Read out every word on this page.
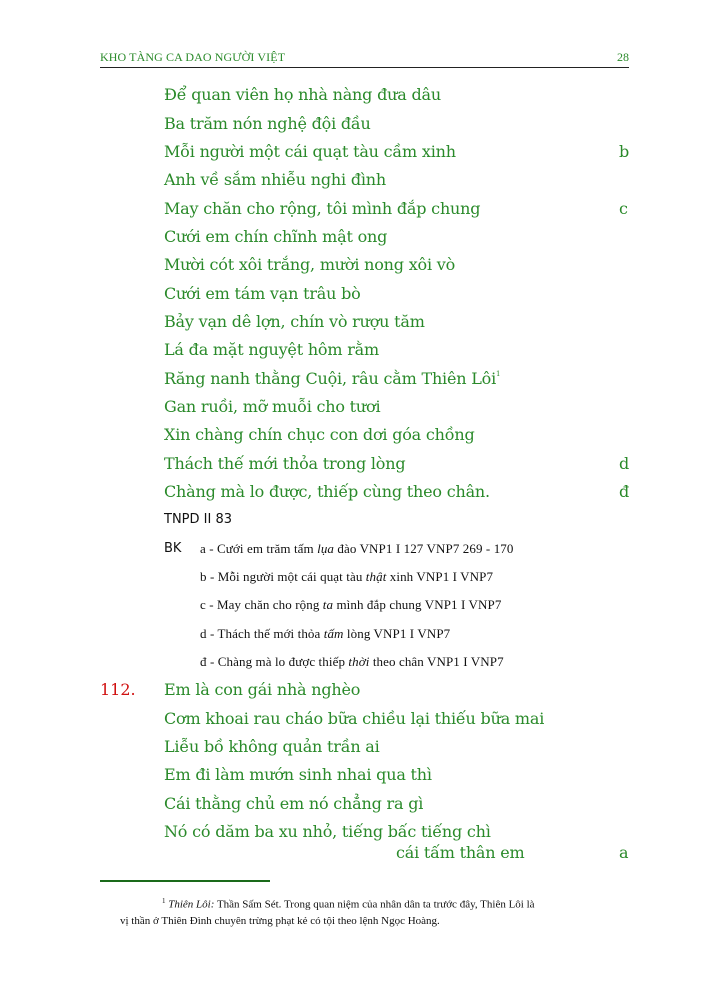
KHO TÀNG CA DAO NGƯỜI VIỆT	28
Để quan viên họ nhà nàng đưa dâu
Ba trăm nón nghệ đội đầu
Mỗi người một cái quạt tàu cầm xinh
Anh về sắm nhiễu nghi đình
May chăn cho rộng, tôi mình đắp chung
Cưới em chín chĩnh mật ong
Mười cót xôi trắng, mười nong xôi vò
Cưới em tám vạn trâu bò
Bảy vạn dê lợn, chín vò rượu tăm
Lá đa mặt nguyệt hôm rằm
Răng nanh thằng Cuội, râu cằm Thiên Lôi$^1$
Gan ruồi, mỡ muỗi cho tươi
Xin chàng chín chục con dơi góa chồng
Thách thế mới thỏa trong lòng
Chàng mà lo được, thiếp cùng theo chân.
b
c
d
đ
TNPD II 83
BK a - Cưới em trăm tấm lụa đào VNP1 I 127 VNP7 269 - 170
b - Mỗi người một cái quạt tàu thật xinh VNP1 I VNP7
c - May chăn cho rộng ta mình đắp chung VNP1 I VNP7
d - Thách thế mới thỏa tấm lòng VNP1 I VNP7
đ - Chàng mà lo được thiếp thời theo chân VNP1 I VNP7
112. Em là con gái nhà nghèo
Cơm khoai rau cháo bữa chiều lại thiếu bữa mai
Liễu bồ không quản trần ai
Em đi làm mướn sinh nhai qua thì
Cái thằng chủ em nó chẳng ra gì
Nó có dăm ba xu nhỏ, tiếng bấc tiếng chì
cái tấm thân em	a
$^1$ Thiên Lôi: Thần Sấm Sét. Trong quan niệm của nhân dân ta trước đây, Thiên Lôi là
vị thần ở Thiên Đình chuyên trừng phạt kẻ có tội theo lệnh Ngọc Hoàng.
